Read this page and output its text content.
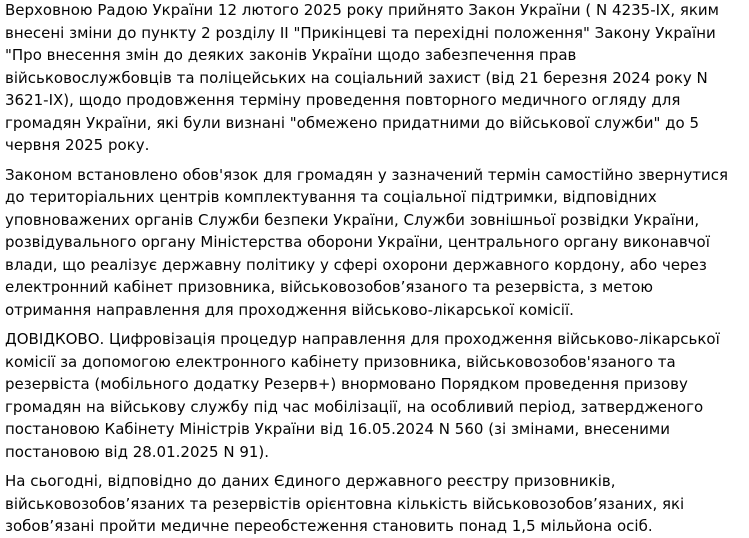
Верховною Радою України 12 лютого 2025 року прийнято Закон України ( N 4235-IX, яким внесені зміни до пункту 2 розділу II "Прикінцеві та перехідні положення" Закону України "Про внесення змін до деяких законів України щодо забезпечення прав військовослужбовців та поліцейських на соціальний захист (від 21 березня 2024 року N 3621-IX), щодо продовження терміну проведення повторного медичного огляду для громадян України, які були визнані "обмежено придатними до військової служби" до 5 червня 2025 року.

Законом встановлено обов'язок для громадян у зазначений термін самостійно звернутися до територіальних центрів комплектування та соціальної підтримки, відповідних уповноважених органів Служби безпеки України, Служби зовнішньої розвідки України, розвідувального органу Міністерства оборони України, центрального органу виконавчої влади, що реалізує державну політику у сфері охорони державного кордону, або через електронний кабінет призовника, військовозобов’язаного та резервіста, з метою отримання направлення для проходження військово-лікарської комісії.

ДОВІДКОВО. Цифровізація процедур направлення для проходження військово-лікарської комісії за допомогою електронного кабінету призовника, військовозобов'язаного та резервіста (мобільного додатку Резерв+) внормовано Порядком проведення призову громадян на військову службу під час мобілізації, на особливий період, затвердженого постановою Кабінету Міністрів України від 16.05.2024 N 560 (зі змінами, внесеними постановою від 28.01.2025 N 91).

На сьогодні, відповідно до даних Єдиного державного реєстру призовників, військовозобов’язаних та резервістів орієнтовна кількість військовозобов’язаних, які зобов’язані пройти медичне переобстеження становить понад 1,5 мільйона осіб.
